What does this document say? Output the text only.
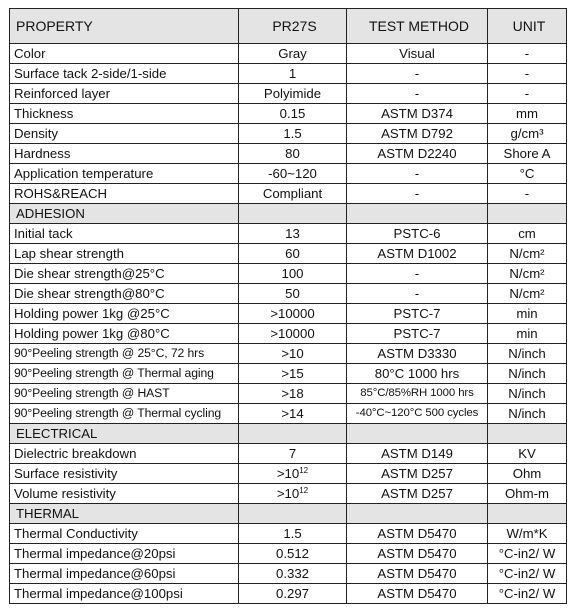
PROPERTY	PR27S	TEST METHOD	UNIT
Color	Gray	Visual	-
Surface tack 2-side/1-side	1	-	-
Reinforced layer	Polyimide	-	-
Thickness	0.15	ASTM D374	mm
Density	1.5	ASTM D792	g/cm³
Hardness	80	ASTM D2240	Shore A
Application temperature	-60~120	-	°C
ROHS&REACH	Compliant	-	-
ADHESION			
Initial tack	13	PSTC-6	cm
Lap shear strength	60	ASTM D1002	N/cm²
Die shear strength@25°C	100	-	N/cm²
Die shear strength@80°C	50	-	N/cm²
Holding power 1kg @25°C	>10000	PSTC-7	min
Holding power 1kg @80°C	>10000	PSTC-7	min
90°Peeling strength @ 25°C, 72 hrs	>10	ASTM D3330	N/inch
90°Peeling strength @ Thermal aging	>15	80°C 1000 hrs	N/inch
90°Peeling strength @ HAST	>18	85°C/85%RH 1000 hrs	N/inch
90°Peeling strength @ Thermal cycling	>14	-40°C~120°C 500 cycles	N/inch
ELECTRICAL			
Dielectric breakdown	7	ASTM D149	KV
Surface resistivity	$>10^{12}$	ASTM D257	Ohm
Volume resistivity	$>10^{12}$	ASTM D257	Ohm-m
THERMAL			
Thermal Conductivity	1.5	ASTM D5470	W/m*K
Thermal impedance@20psi	0.512	ASTM D5470	°C-in2/ W
Thermal impedance@60psi	0.332	ASTM D5470	°C-in2/ W
Thermal impedance@100psi	0.297	ASTM D5470	°C-in2/ W
